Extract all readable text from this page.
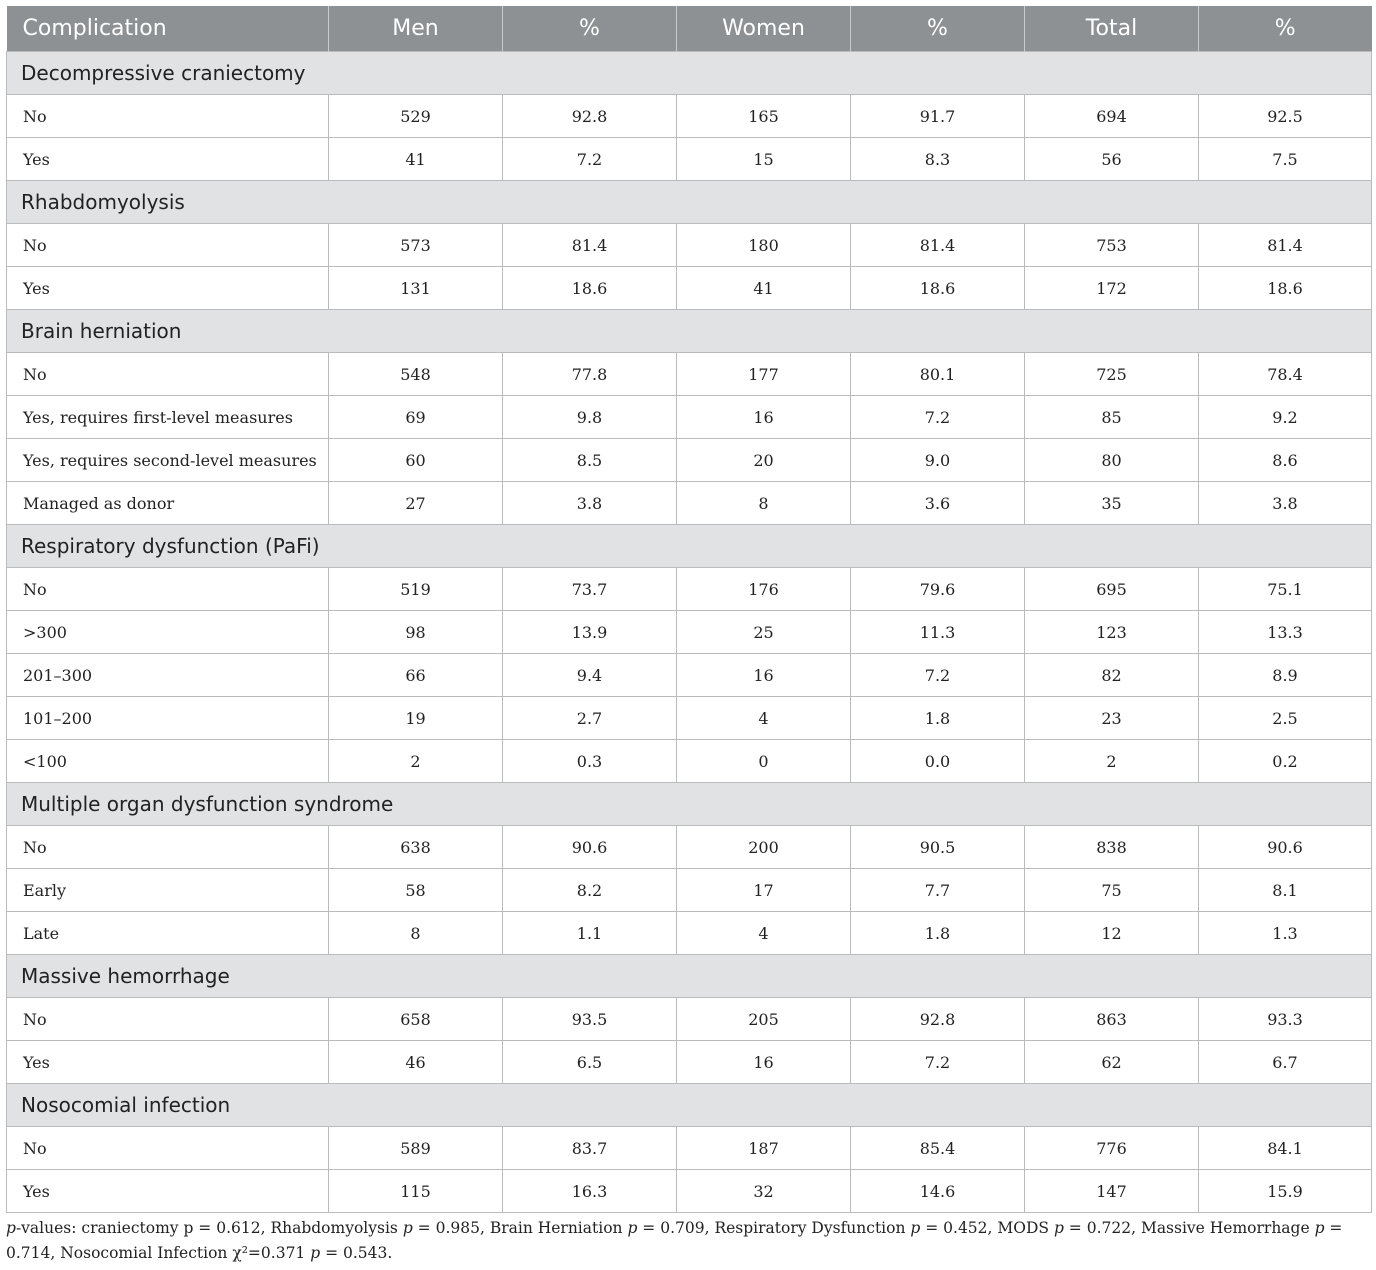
Complication	Men	%	Women	%	Total	%
Decompressive craniectomy						
No	529	92.8	165	91.7	694	92.5
Yes	41	7.2	15	8.3	56	7.5
Rhabdomyolysis						
No	573	81.4	180	81.4	753	81.4
Yes	131	18.6	41	18.6	172	18.6
Brain herniation						
No	548	77.8	177	80.1	725	78.4
Yes, requires first-level measures	69	9.8	16	7.2	85	9.2
Yes, requires second-level measures	60	8.5	20	9.0	80	8.6
Managed as donor	27	3.8	8	3.6	35	3.8
Respiratory dysfunction (PaFi)						
No	519	73.7	176	79.6	695	75.1
>300	98	13.9	25	11.3	123	13.3
201–300	66	9.4	16	7.2	82	8.9
101–200	19	2.7	4	1.8	23	2.5
<100	2	0.3	0	0.0	2	0.2
Multiple organ dysfunction syndrome						
No	638	90.6	200	90.5	838	90.6
Early	58	8.2	17	7.7	75	8.1
Late	8	1.1	4	1.8	12	1.3
Massive hemorrhage						
No	658	93.5	205	92.8	863	93.3
Yes	46	6.5	16	7.2	62	6.7
Nosocomial infection						
No	589	83.7	187	85.4	776	84.1
Yes	115	16.3	32	14.6	147	15.9
p-values: craniectomy p = 0.612, Rhabdomyolysis p = 0.985, Brain Herniation p = 0.709, Respiratory Dysfunction p = 0.452, MODS p = 0.722, Massive Hemorrhage p = 0.714, Nosocomial Infection χ²=0.371 p = 0.543.
